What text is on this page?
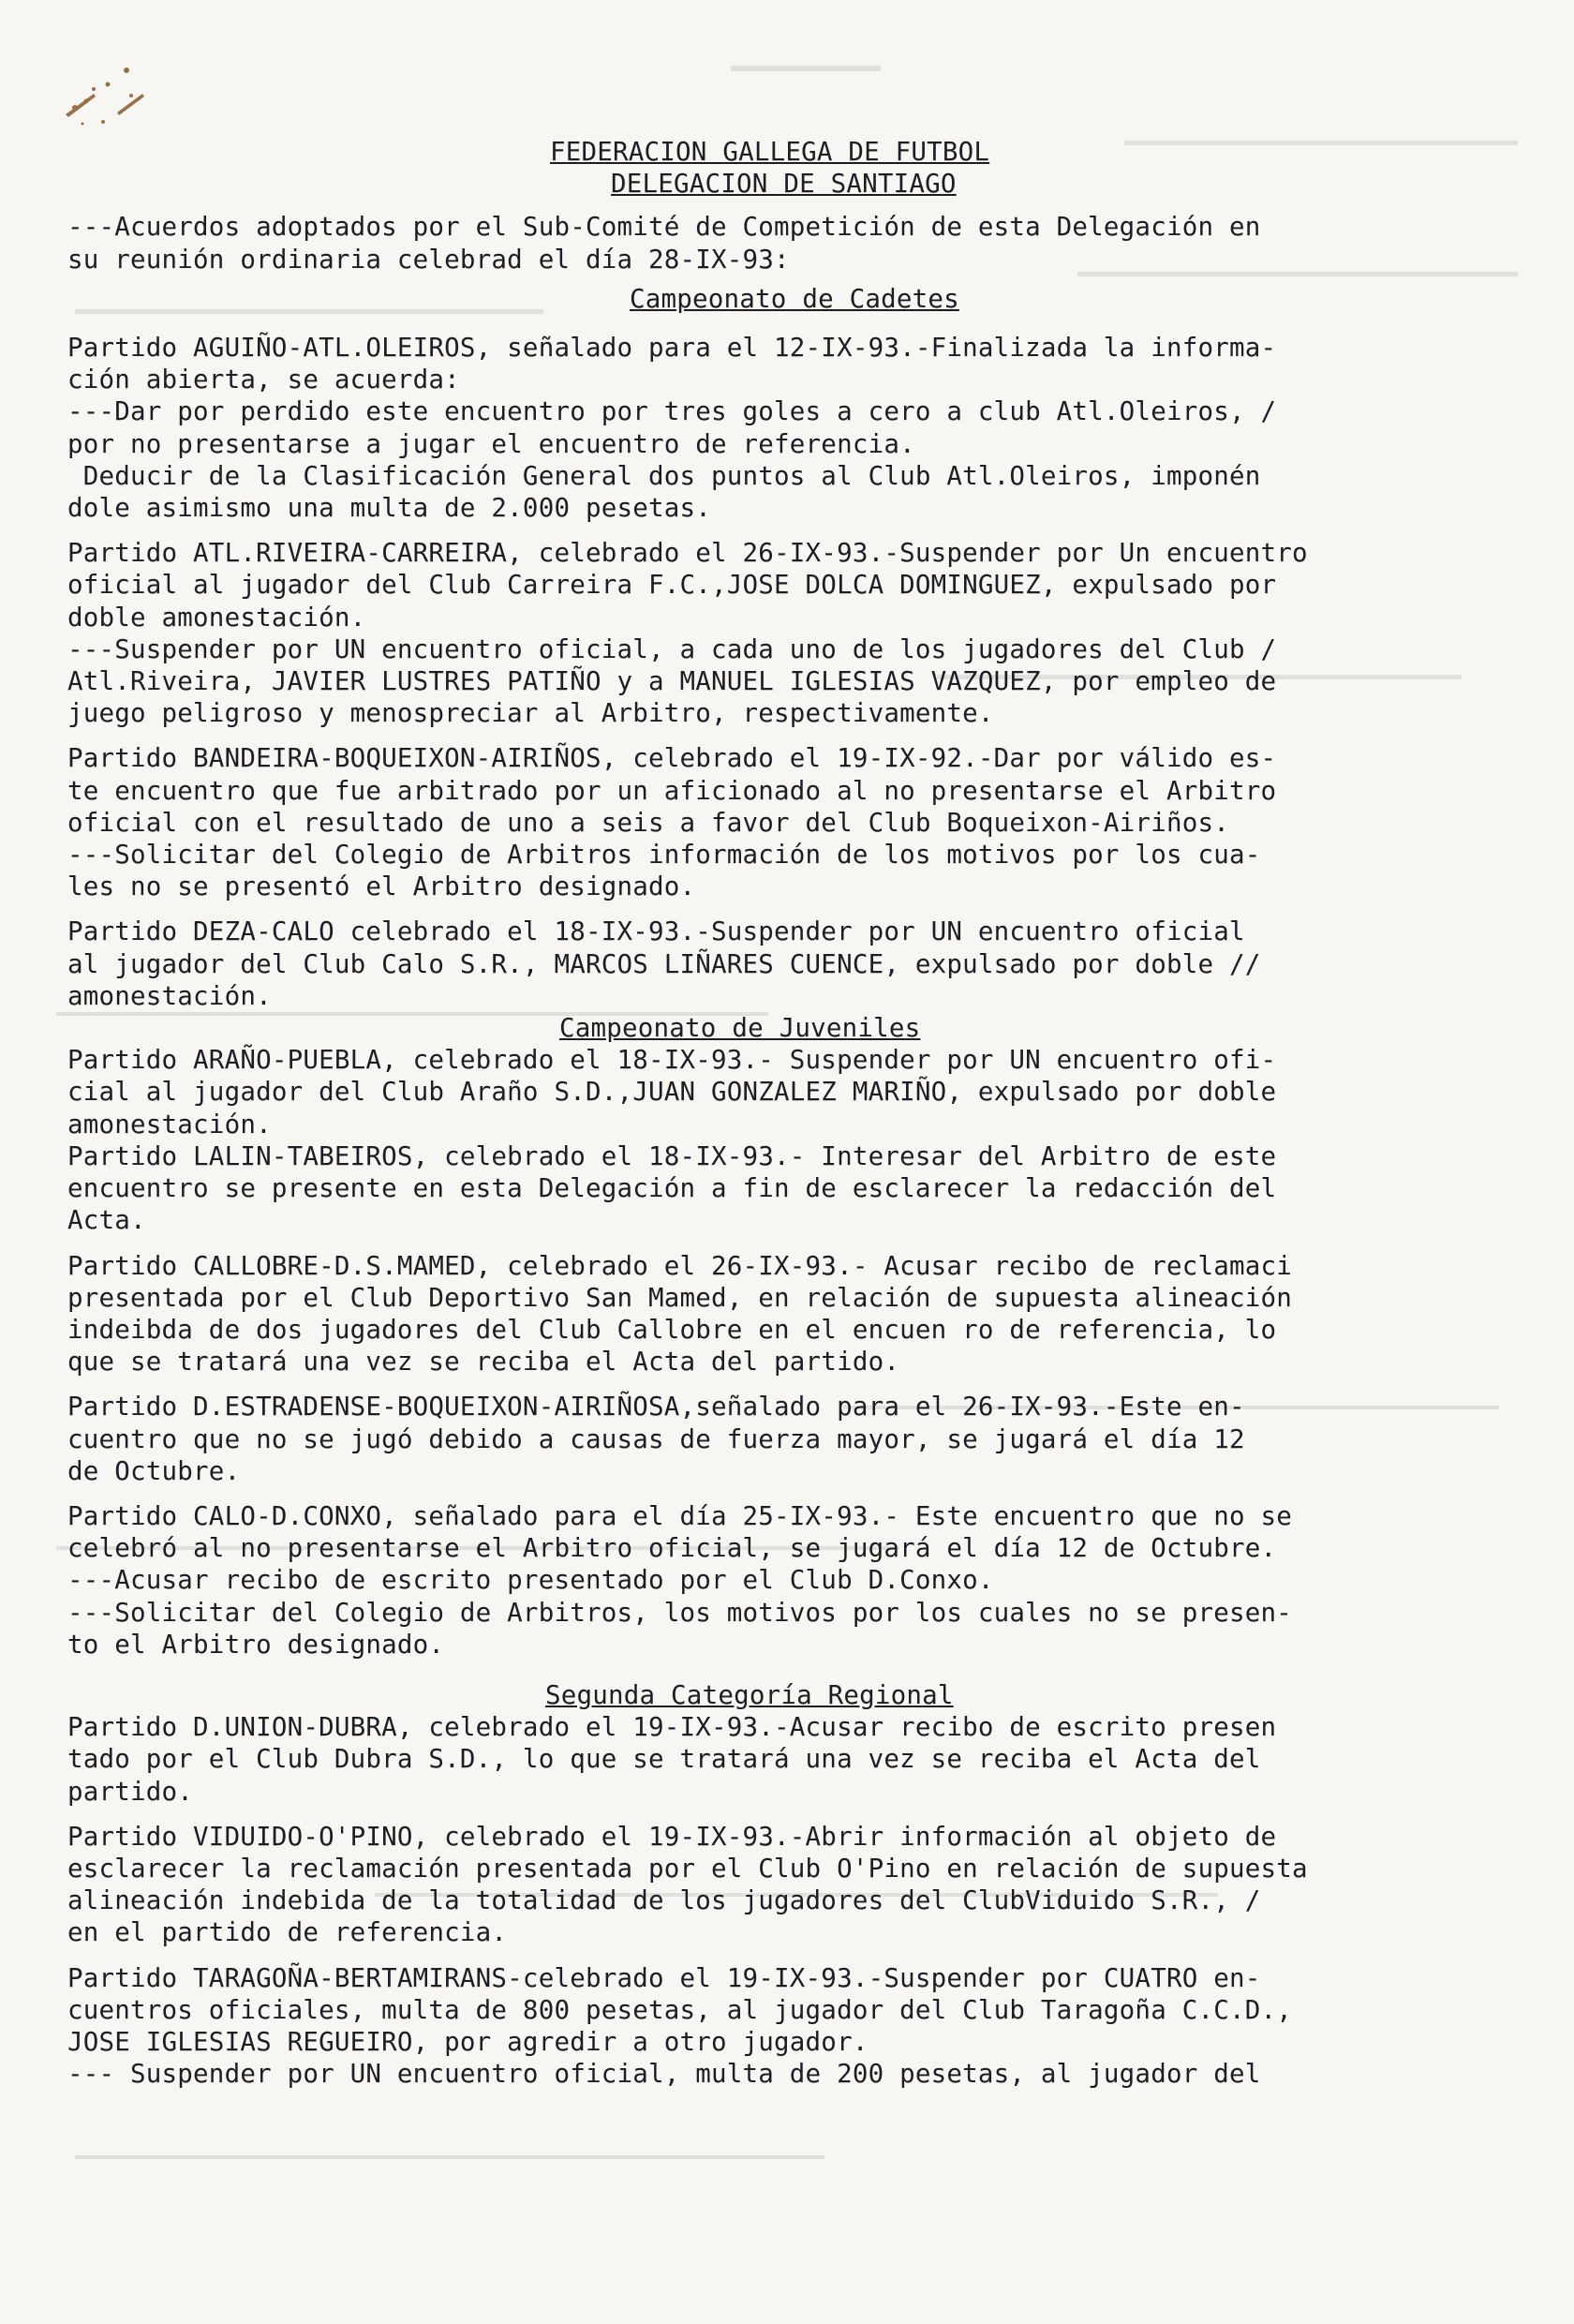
FEDERACION GALLEGA DE FUTBOL
DELEGACION DE SANTIAGO
---Acuerdos adoptados por el Sub-Comité de Competición de esta Delegación en
su reunión ordinaria celebrad el día 28-IX-93:
Campeonato de Cadetes
Partido AGUIÑO-ATL.OLEIROS, señalado para el 12-IX-93.-Finalizada la informa-
ción abierta, se acuerda:
---Dar por perdido este encuentro por tres goles a cero a club Atl.Oleiros, /
por no presentarse a jugar el encuentro de referencia.
Deducir de la Clasificación General dos puntos al Club Atl.Oleiros, imponén
dole asimismo una multa de 2.000 pesetas.
Partido ATL.RIVEIRA-CARREIRA, celebrado el 26-IX-93.-Suspender por Un encuentro
oficial al jugador del Club Carreira F.C.,JOSE DOLCA DOMINGUEZ, expulsado por
doble amonestación.
---Suspender por UN encuentro oficial, a cada uno de los jugadores del Club /
Atl.Riveira, JAVIER LUSTRES PATIÑO y a MANUEL IGLESIAS VAZQUEZ, por empleo de
juego peligroso y menospreciar al Arbitro, respectivamente.
Partido BANDEIRA-BOQUEIXON-AIRIÑOS, celebrado el 19-IX-92.-Dar por válido es-
te encuentro que fue arbitrado por un aficionado al no presentarse el Arbitro
oficial con el resultado de uno a seis a favor del Club Boqueixon-Airiños.
---Solicitar del Colegio de Arbitros información de los motivos por los cua-
les no se presentó el Arbitro designado.
Partido DEZA-CALO celebrado el 18-IX-93.-Suspender por UN encuentro oficial
al jugador del Club Calo S.R., MARCOS LIÑARES CUENCE, expulsado por doble //
amonestación.
Campeonato de Juveniles
Partido ARAÑO-PUEBLA, celebrado el 18-IX-93.- Suspender por UN encuentro ofi-
cial al jugador del Club Araño S.D.,JUAN GONZALEZ MARIÑO, expulsado por doble
amonestación.
Partido LALIN-TABEIROS, celebrado el 18-IX-93.- Interesar del Arbitro de este
encuentro se presente en esta Delegación a fin de esclarecer la redacción del
Acta.
Partido CALLOBRE-D.S.MAMED, celebrado el 26-IX-93.- Acusar recibo de reclamaci
presentada por el Club Deportivo San Mamed, en relación de supuesta alineación
indeibda de dos jugadores del Club Callobre en el encuen ro de referencia, lo
que se tratará una vez se reciba el Acta del partido.
Partido D.ESTRADENSE-BOQUEIXON-AIRIÑOSA,señalado para el 26-IX-93.-Este en-
cuentro que no se jugó debido a causas de fuerza mayor, se jugará el día 12
de Octubre.
Partido CALO-D.CONXO, señalado para el día 25-IX-93.- Este encuentro que no se
celebró al no presentarse el Arbitro oficial, se jugará el día 12 de Octubre.
---Acusar recibo de escrito presentado por el Club D.Conxo.
---Solicitar del Colegio de Arbitros, los motivos por los cuales no se presen-
to el Arbitro designado.
Segunda Categoría Regional
Partido D.UNION-DUBRA, celebrado el 19-IX-93.-Acusar recibo de escrito presen
tado por el Club Dubra S.D., lo que se tratará una vez se reciba el Acta del
partido.
Partido VIDUIDO-O'PINO, celebrado el 19-IX-93.-Abrir información al objeto de
esclarecer la reclamación presentada por el Club O'Pino en relación de supuesta
alineación indebida de la totalidad de los jugadores del ClubViduido S.R., /
en el partido de referencia.
Partido TARAGOÑA-BERTAMIRANS-celebrado el 19-IX-93.-Suspender por CUATRO en-
cuentros oficiales, multa de 800 pesetas, al jugador del Club Taragoña C.C.D.,
JOSE IGLESIAS REGUEIRO, por agredir a otro jugador.
--- Suspender por UN encuentro oficial, multa de 200 pesetas, al jugador del
